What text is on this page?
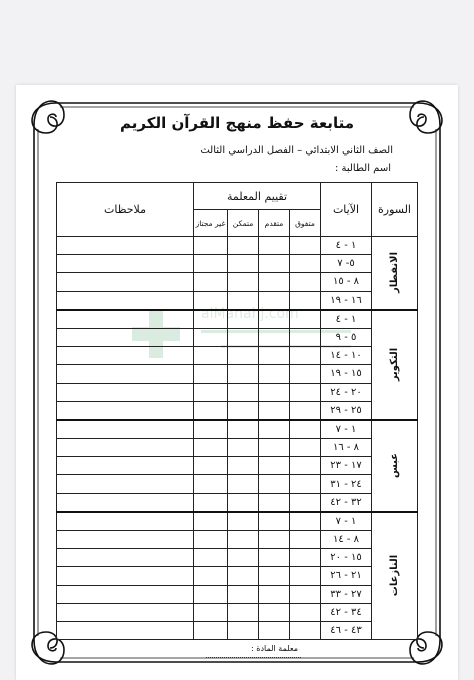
alManahj.com
متابعة حفظ منهج القرآن الكريم
الصف الثاني الابتدائي – الفصل الدراسي الثالث
اسم الطالبة :
السورة	الآيات	تقييم المعلمة				ملاحظات
		متفوق	متقدم	متمكن	غير مجتاز	
الانفطار	١ - ٤					
	٥- ٧					
	٨ - ١٥					
	١٦ - ١٩					
التكوير	١ - ٤					
	٥ - ٩					
	١٠ - ١٤					
	١٥ - ١٩					
	٢٠ - ٢٤					
	٢٥ - ٢٩					
عبس	١ - ٧					
	٨ - ١٦					
	١٧ - ٢٣					
	٢٤ - ٣١					
	٣٢ - ٤٢					
النازعات	١ - ٧					
	٨ - ١٤					
	١٥ - ٢٠					
	٢١ - ٢٦					
	٢٧ - ٣٣					
	٣٤ - ٤٢					
	٤٣ - ٤٦					
معلمة المادة :
